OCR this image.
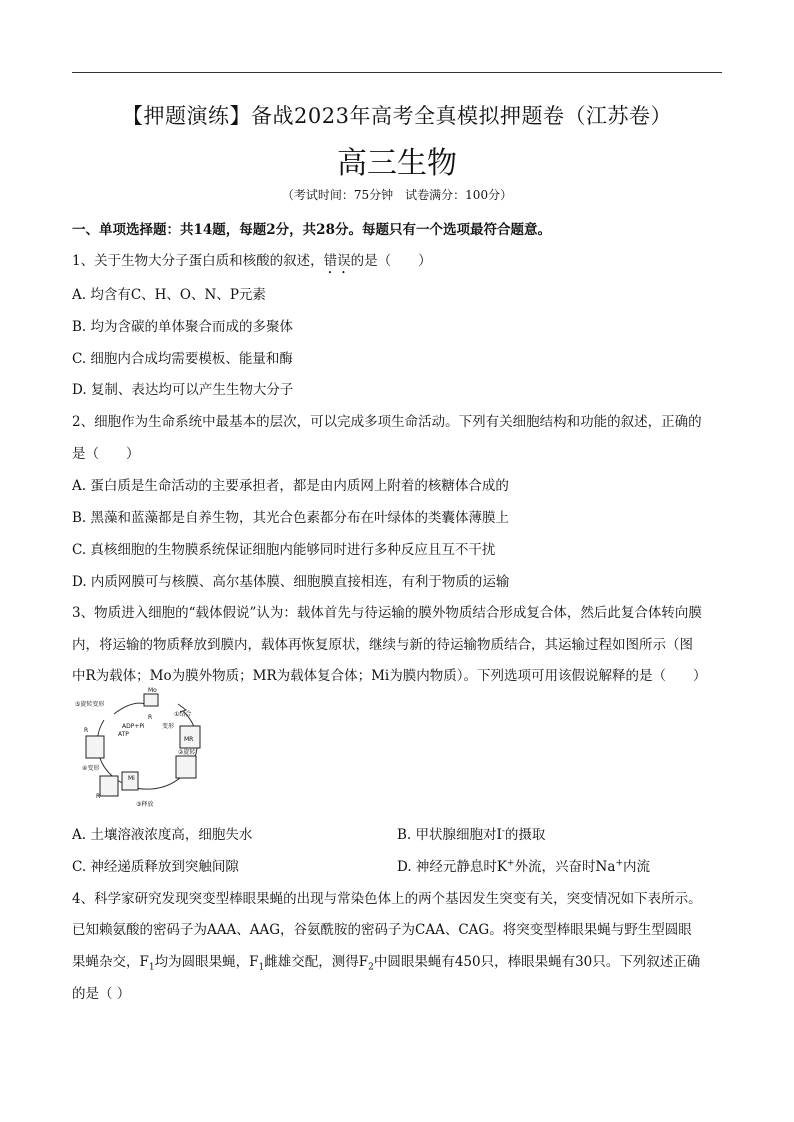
【押题演练】备战2023年高考全真模拟押题卷（江苏卷）
高三生物
（考试时间：75分钟　试卷满分：100分）
一、单项选择题：共14题，每题2分，共28分。每题只有一个选项最符合题意。
1、关于生物大分子蛋白质和核酸的叙述，错误的是（　　）
A. 均含有C、H、O、N、P元素
B. 均为含碳的单体聚合而成的多聚体
C. 细胞内合成均需要模板、能量和酶
D. 复制、表达均可以产生生物大分子
2、细胞作为生命系统中最基本的层次，可以完成多项生命活动。下列有关细胞结构和功能的叙述，正确的
是（　　）
A. 蛋白质是生命活动的主要承担者，都是由内质网上附着的核糖体合成的
B. 黑藻和蓝藻都是自养生物，其光合色素都分布在叶绿体的类囊体薄膜上
C. 真核细胞的生物膜系统保证细胞内能够同时进行多种反应且互不干扰
D. 内质网膜可与核膜、高尔基体膜、细胞膜直接相连，有利于物质的运输
3、物质进入细胞的“载体假说”认为：载体首先与待运输的膜外物质结合形成复合体，然后此复合体转向膜
内，将运输的物质释放到膜内，载体再恢复原状，继续与新的待运输物质结合，其运输过程如图所示（图
中R为载体；Mo为膜外物质；MR为载体复合体；Mi为膜内物质）。下列选项可用该假说解释的是（　　）
Mo
R	①结合
变形
⑤旋转变形
ADP+Pi
ATP
MR
②旋转
R
④变形
Mi
R
③释放
A. 土壤溶液浓度高，细胞失水	B. 甲状腺细胞对I-的摄取
C. 神经递质释放到突触间隙	D. 神经元静息时K+外流，兴奋时Na+内流
4、科学家研究发现突变型棒眼果蝇的出现与常染色体上的两个基因发生突变有关，突变情况如下表所示。
已知赖氨酸的密码子为AAA、AAG，谷氨酰胺的密码子为CAA、CAG。将突变型棒眼果蝇与野生型圆眼
果蝇杂交，$F_1$均为圆眼果蝇，$F_1$雌雄交配，测得$F_2$中圆眼果蝇有450只，棒眼果蝇有30只。下列叙述正确
的是（ ）
